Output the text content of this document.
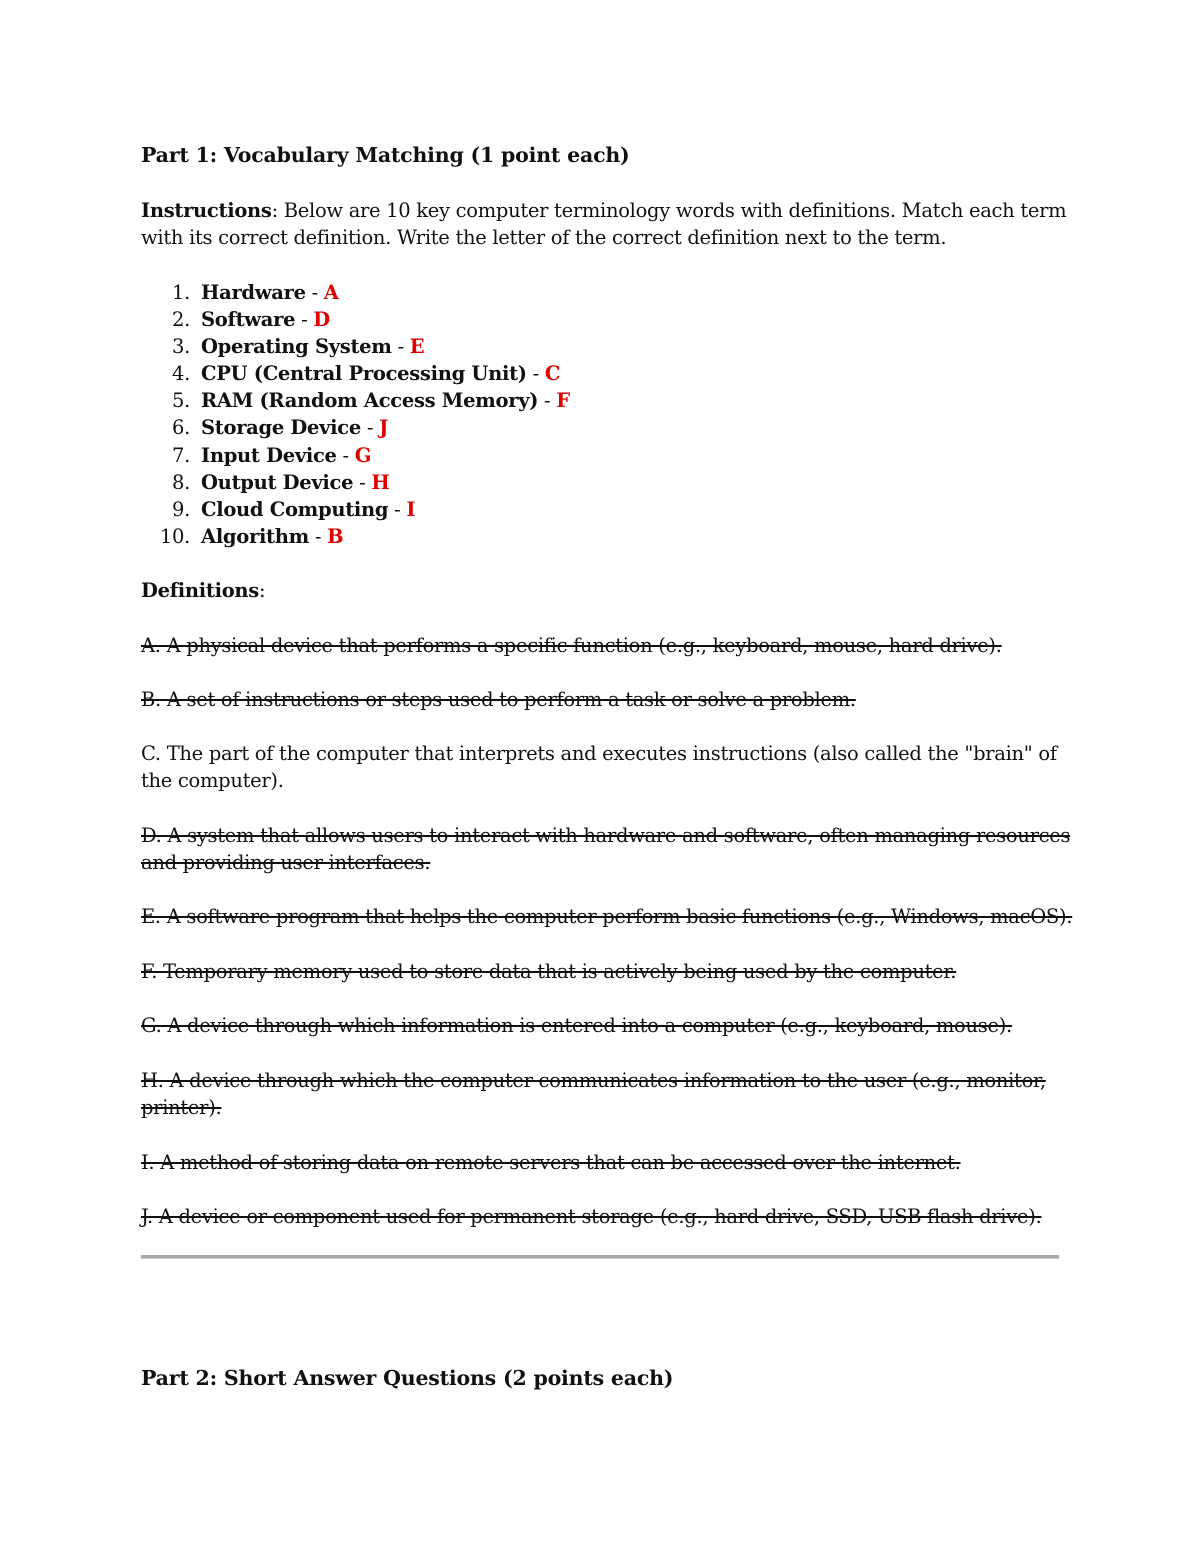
Part 1: Vocabulary Matching (1 point each)
Instructions: Below are 10 key computer terminology words with definitions. Match each term
with its correct definition. Write the letter of the correct definition next to the term.
1. Hardware - A
2. Software - D
3. Operating System - E
4. CPU (Central Processing Unit) - C
5. RAM (Random Access Memory) - F
6. Storage Device - J
7. Input Device - G
8. Output Device - H
9. Cloud Computing - I
10. Algorithm - B
Definitions:
A. A physical device that performs a specific function (e.g., keyboard, mouse, hard drive).
B. A set of instructions or steps used to perform a task or solve a problem.
C. The part of the computer that interprets and executes instructions (also called the "brain" of
the computer).
D. A system that allows users to interact with hardware and software, often managing resources
and providing user interfaces.
E. A software program that helps the computer perform basic functions (e.g., Windows, macOS).
F. Temporary memory used to store data that is actively being used by the computer.
G. A device through which information is entered into a computer (e.g., keyboard, mouse).
H. A device through which the computer communicates information to the user (e.g., monitor,
printer).
I. A method of storing data on remote servers that can be accessed over the internet.
J. A device or component used for permanent storage (e.g., hard drive, SSD, USB flash drive).
Part 2: Short Answer Questions (2 points each)
